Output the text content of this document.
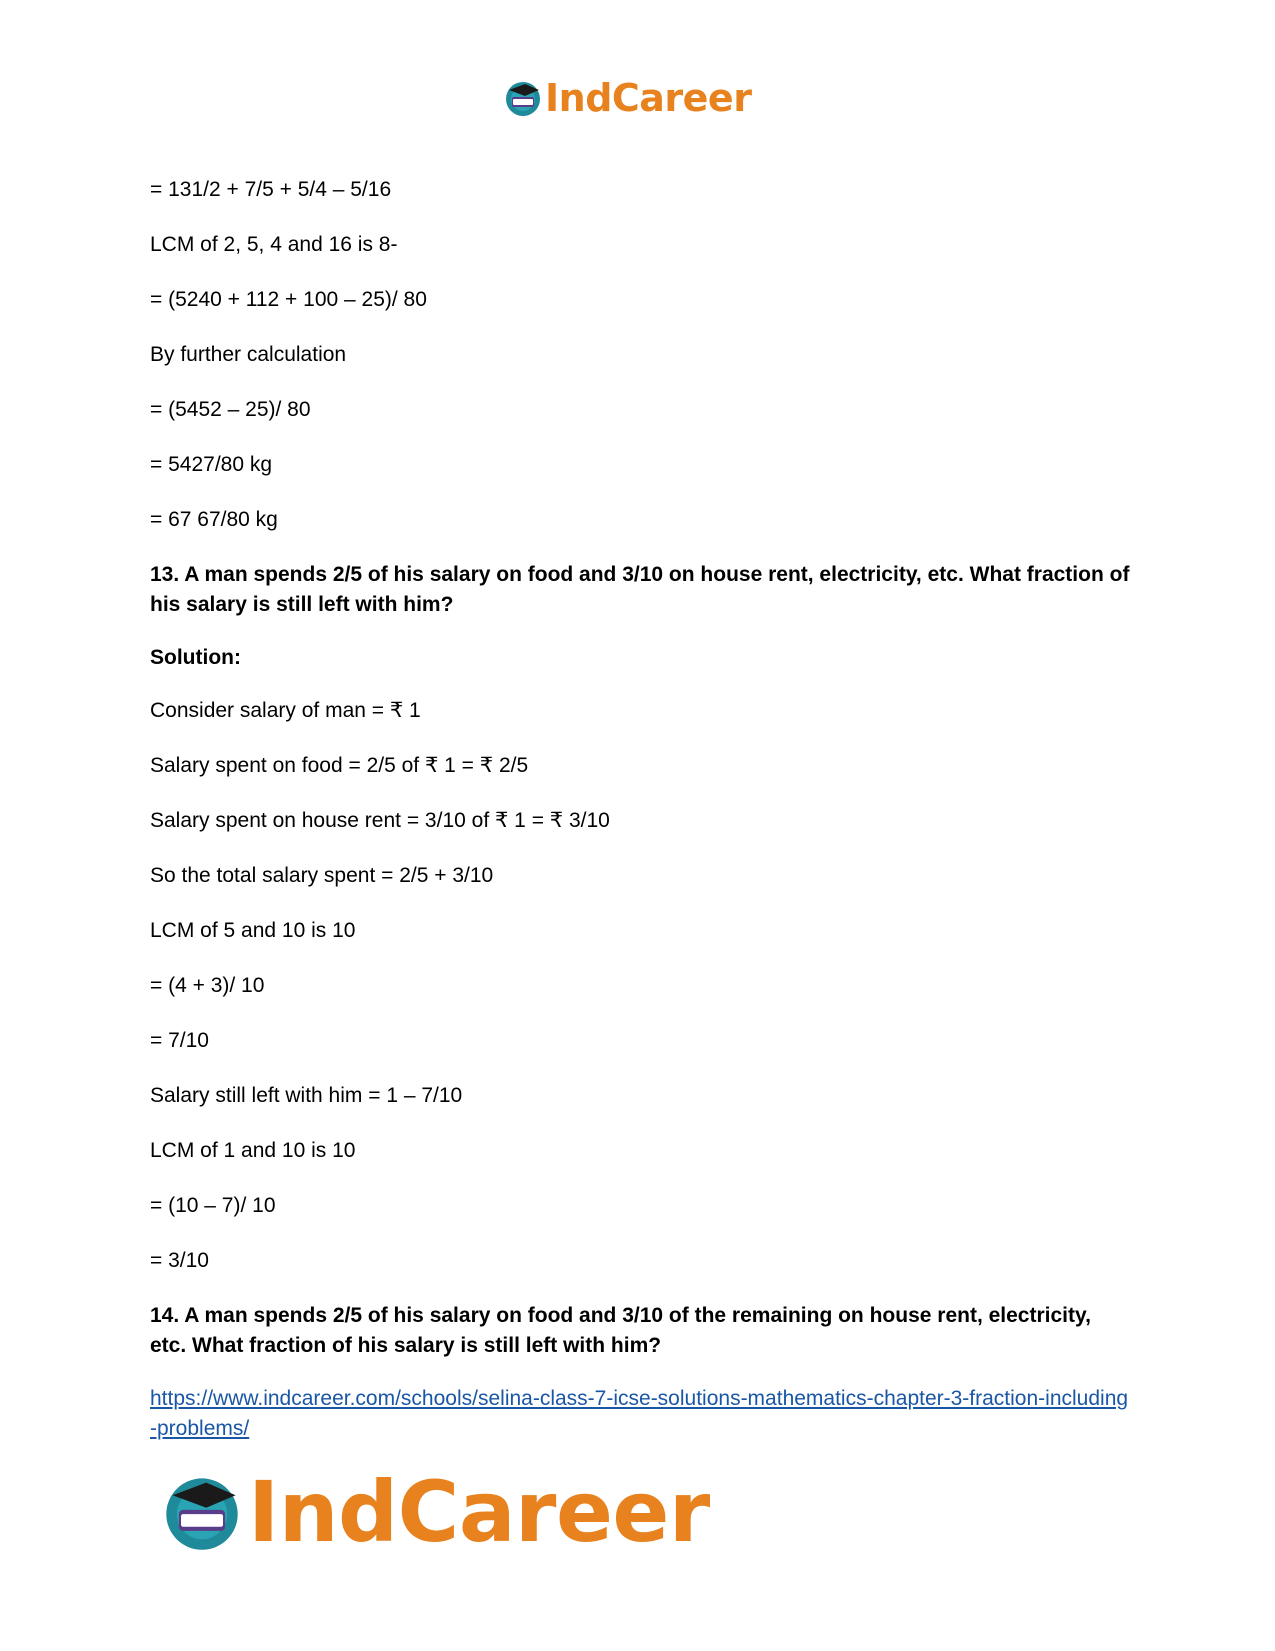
IndCareer

= 131/2 + 7/5 + 5/4 – 5/16

LCM of 2, 5, 4 and 16 is 8-

= (5240 + 112 + 100 – 25)/ 80

By further calculation

= (5452 – 25)/ 80

= 5427/80 kg

= 67 67/80 kg

13. A man spends 2/5 of his salary on food and 3/10 on house rent, electricity, etc. What fraction of his salary is still left with him?

Solution:

Consider salary of man = ₹ 1

Salary spent on food = 2/5 of ₹ 1 = ₹ 2/5

Salary spent on house rent = 3/10 of ₹ 1 = ₹ 3/10

So the total salary spent = 2/5 + 3/10

LCM of 5 and 10 is 10

= (4 + 3)/ 10

= 7/10

Salary still left with him = 1 – 7/10

LCM of 1 and 10 is 10

= (10 – 7)/ 10

= 3/10

14. A man spends 2/5 of his salary on food and 3/10 of the remaining on house rent, electricity, etc. What fraction of his salary is still left with him?

https://www.indcareer.com/schools/selina-class-7-icse-solutions-mathematics-chapter-3-fraction-including-problems/
IndCareer
